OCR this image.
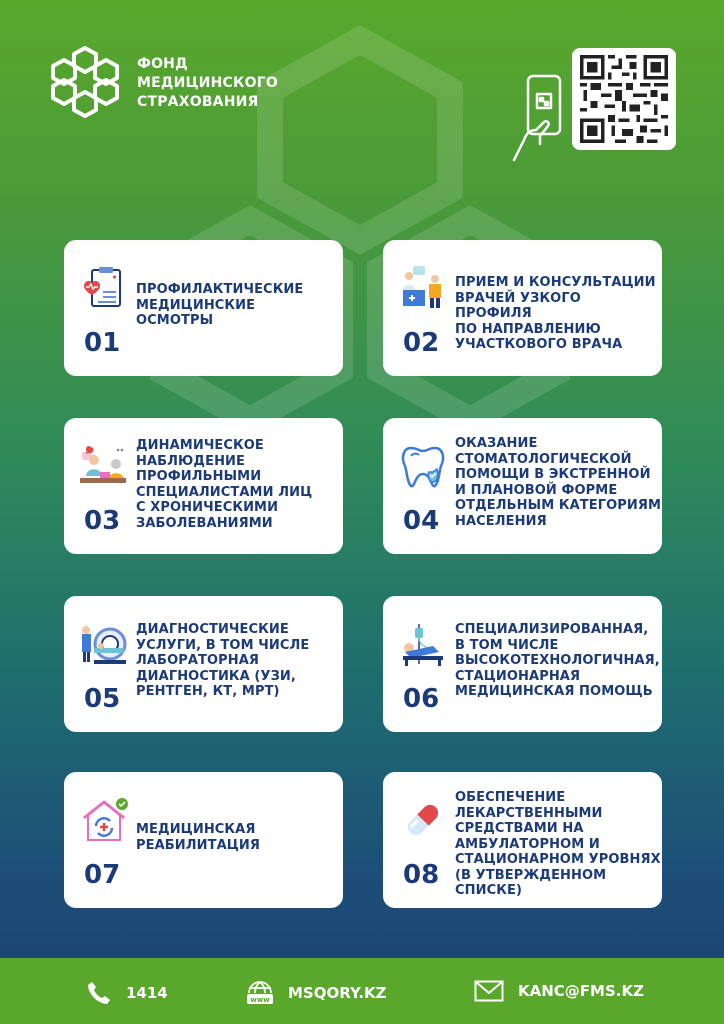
ФОНД
МЕДИЦИНСКОГО
СТРАХОВАНИЯ
ПРОФИЛАКТИЧЕСКИЕ
МЕДИЦИНСКИЕ
ОСМОТРЫ
01
ПРИЕМ И КОНСУЛЬТАЦИИ
ВРАЧЕЙ УЗКОГО ПРОФИЛЯ
ПО НАПРАВЛЕНИЮ
УЧАСТКОВОГО ВРАЧА
02
ДИНАМИЧЕСКОЕ
НАБЛЮДЕНИЕ
ПРОФИЛЬНЫМИ
СПЕЦИАЛИСТАМИ ЛИЦ
С ХРОНИЧЕСКИМИ
ЗАБОЛЕВАНИЯМИ
03
ОКАЗАНИЕ
СТОМАТОЛОГИЧЕСКОЙ
ПОМОЩИ В ЭКСТРЕННОЙ
И ПЛАНОВОЙ ФОРМЕ
ОТДЕЛЬНЫМ КАТЕГОРИЯМ
НАСЕЛЕНИЯ
04
ДИАГНОСТИЧЕСКИЕ
УСЛУГИ, В ТОМ ЧИСЛЕ
ЛАБОРАТОРНАЯ
ДИАГНОСТИКА (УЗИ,
РЕНТГЕН, КТ, МРТ)
05
СПЕЦИАЛИЗИРОВАННАЯ,
В ТОМ ЧИСЛЕ
ВЫСОКОТЕХНОЛОГИЧНАЯ,
СТАЦИОНАРНАЯ
МЕДИЦИНСКАЯ ПОМОЩЬ
06
МЕДИЦИНСКАЯ
РЕАБИЛИТАЦИЯ
07
ОБЕСПЕЧЕНИЕ
ЛЕКАРСТВЕННЫМИ
СРЕДСТВАМИ НА
АМБУЛАТОРНОМ И
СТАЦИОНАРНОМ УРОВНЯХ
(В УТВЕРЖДЕННОМ СПИСКЕ)
08
1414	www MSQORY.KZ	KANC@FMS.KZ
